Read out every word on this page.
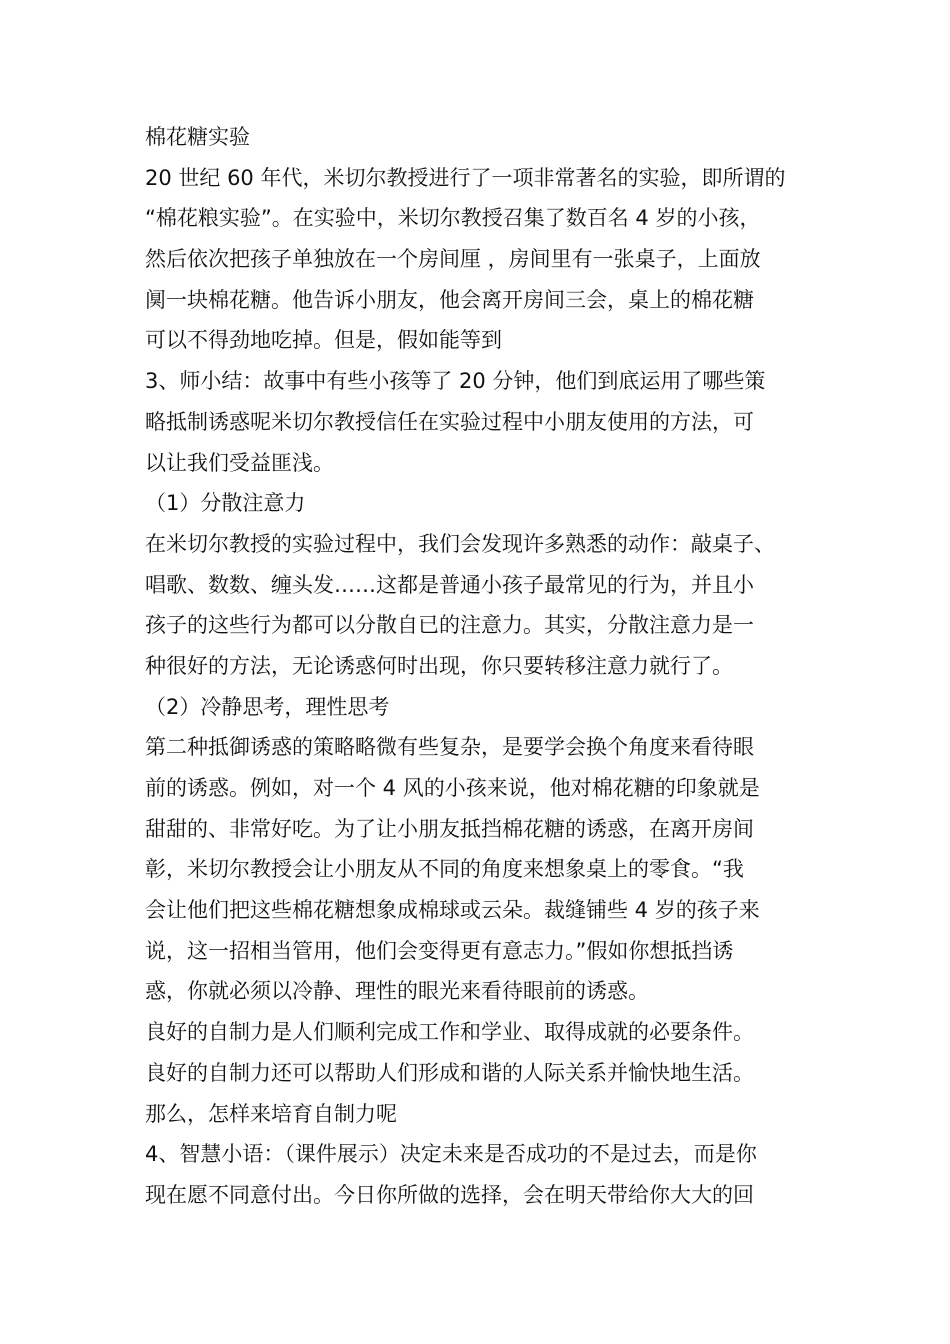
棉花糖实验
20 世纪 60 年代，米切尔教授进行了一项非常著名的实验，即所谓的
“棉花粮实验”。在实验中，米切尔教授召集了数百名 4 岁的小孩，
然后依次把孩子单独放在一个房间厘 ，房间里有一张桌子，上面放
阒一块棉花糖。他告诉小朋友，他会离开房间三会，桌上的棉花糖
可以不得劲地吃掉。但是，假如能等到
3、师小结：故事中有些小孩等了 20 分钟，他们到底运用了哪些策
略抵制诱惑呢米切尔教授信任在实验过程中小朋友使用的方法，可
以让我们受益匪浅。
（1）分散注意力
在米切尔教授的实验过程中，我们会发现许多熟悉的动作：敲桌子、
唱歌、数数、缠头发……这都是普通小孩子最常见的行为，并且小
孩子的这些行为都可以分散自已的注意力。其实，分散注意力是一
种很好的方法，无论诱惑何时出现，你只要转移注意力就行了。
（2）冷静思考，理性思考
第二种抵御诱惑的策略略微有些复杂，是要学会换个角度来看待眼
前的诱惑。例如，对一个 4 风的小孩来说，他对棉花糖的印象就是
甜甜的、非常好吃。为了让小朋友抵挡棉花糖的诱惑，在离开房间
彰，米切尔教授会让小朋友从不同的角度来想象桌上的零食。“我
会让他们把这些棉花糖想象成棉球或云朵。裁缝铺些 4 岁的孩子来
说，这一招相当管用，他们会变得更有意志力。”假如你想抵挡诱
惑，你就必须以冷静、理性的眼光来看待眼前的诱惑。
良好的自制力是人们顺利完成工作和学业、取得成就的必要条件。
良好的自制力还可以帮助人们形成和谐的人际关系并愉快地生活。
那么，怎样来培育自制力呢
4、智慧小语：（课件展示）决定未来是否成功的不是过去，而是你
现在愿不同意付出。今日你所做的选择，会在明天带给你大大的回
